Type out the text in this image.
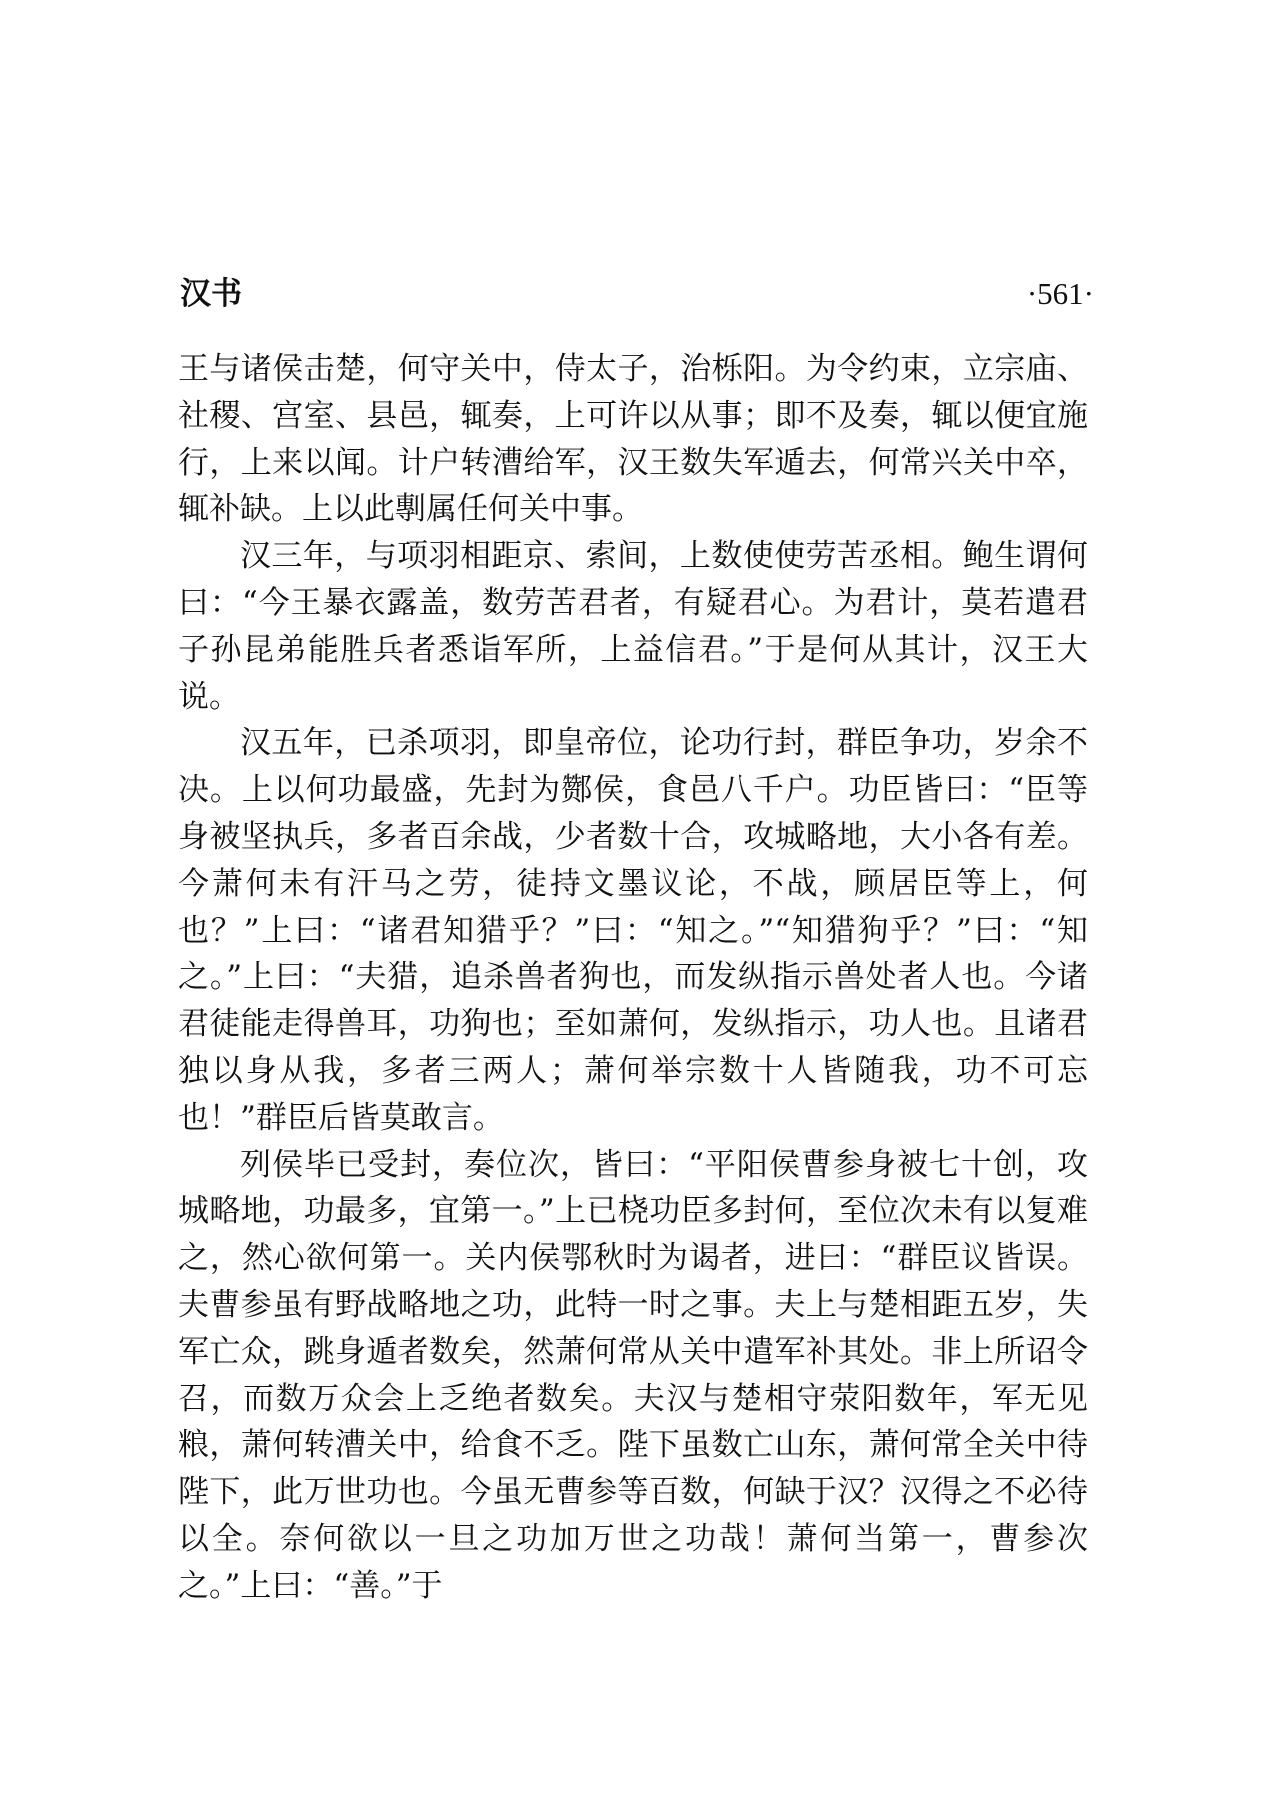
汉书	·561·

王与诸侯击楚，何守关中，侍太子，治栎阳。为令约束，立宗庙、社稷、宫室、县邑，辄奏，上可许以从事；即不及奏，辄以便宜施行，上来以闻。计户转漕给军，汉王数失军遁去，何常兴关中卒，辄补缺。上以此剸属任何关中事。

汉三年，与项羽相距京、索间，上数使使劳苦丞相。鲍生谓何曰：“今王暴衣露盖，数劳苦君者，有疑君心。为君计，莫若遣君子孙昆弟能胜兵者悉诣军所，上益信君。”于是何从其计，汉王大说。

汉五年，已杀项羽，即皇帝位，论功行封，群臣争功，岁余不决。上以何功最盛，先封为酂侯，食邑八千户。功臣皆曰：“臣等身被坚执兵，多者百余战，少者数十合，攻城略地，大小各有差。今萧何未有汗马之劳，徒持文墨议论，不战，顾居臣等上，何也？”上曰：“诸君知猎乎？”曰：“知之。”“知猎狗乎？”曰：“知之。”上曰：“夫猎，追杀兽者狗也，而发纵指示兽处者人也。今诸君徒能走得兽耳，功狗也；至如萧何，发纵指示，功人也。且诸君独以身从我，多者三两人；萧何举宗数十人皆随我，功不可忘也！”群臣后皆莫敢言。

列侯毕已受封，奏位次，皆曰：“平阳侯曹参身被七十创，攻城略地，功最多，宜第一。”上已桡功臣多封何，至位次未有以复难之，然心欲何第一。关内侯鄂秋时为谒者，进曰：“群臣议皆误。夫曹参虽有野战略地之功，此特一时之事。夫上与楚相距五岁，失军亡众，跳身遁者数矣，然萧何常从关中遣军补其处。非上所诏令召，而数万众会上乏绝者数矣。夫汉与楚相守荥阳数年，军无见粮，萧何转漕关中，给食不乏。陛下虽数亡山东，萧何常全关中待陛下，此万世功也。今虽无曹参等百数，何缺于汉？汉得之不必待以全。奈何欲以一旦之功加万世之功哉！萧何当第一，曹参次之。”上曰：“善。”于
